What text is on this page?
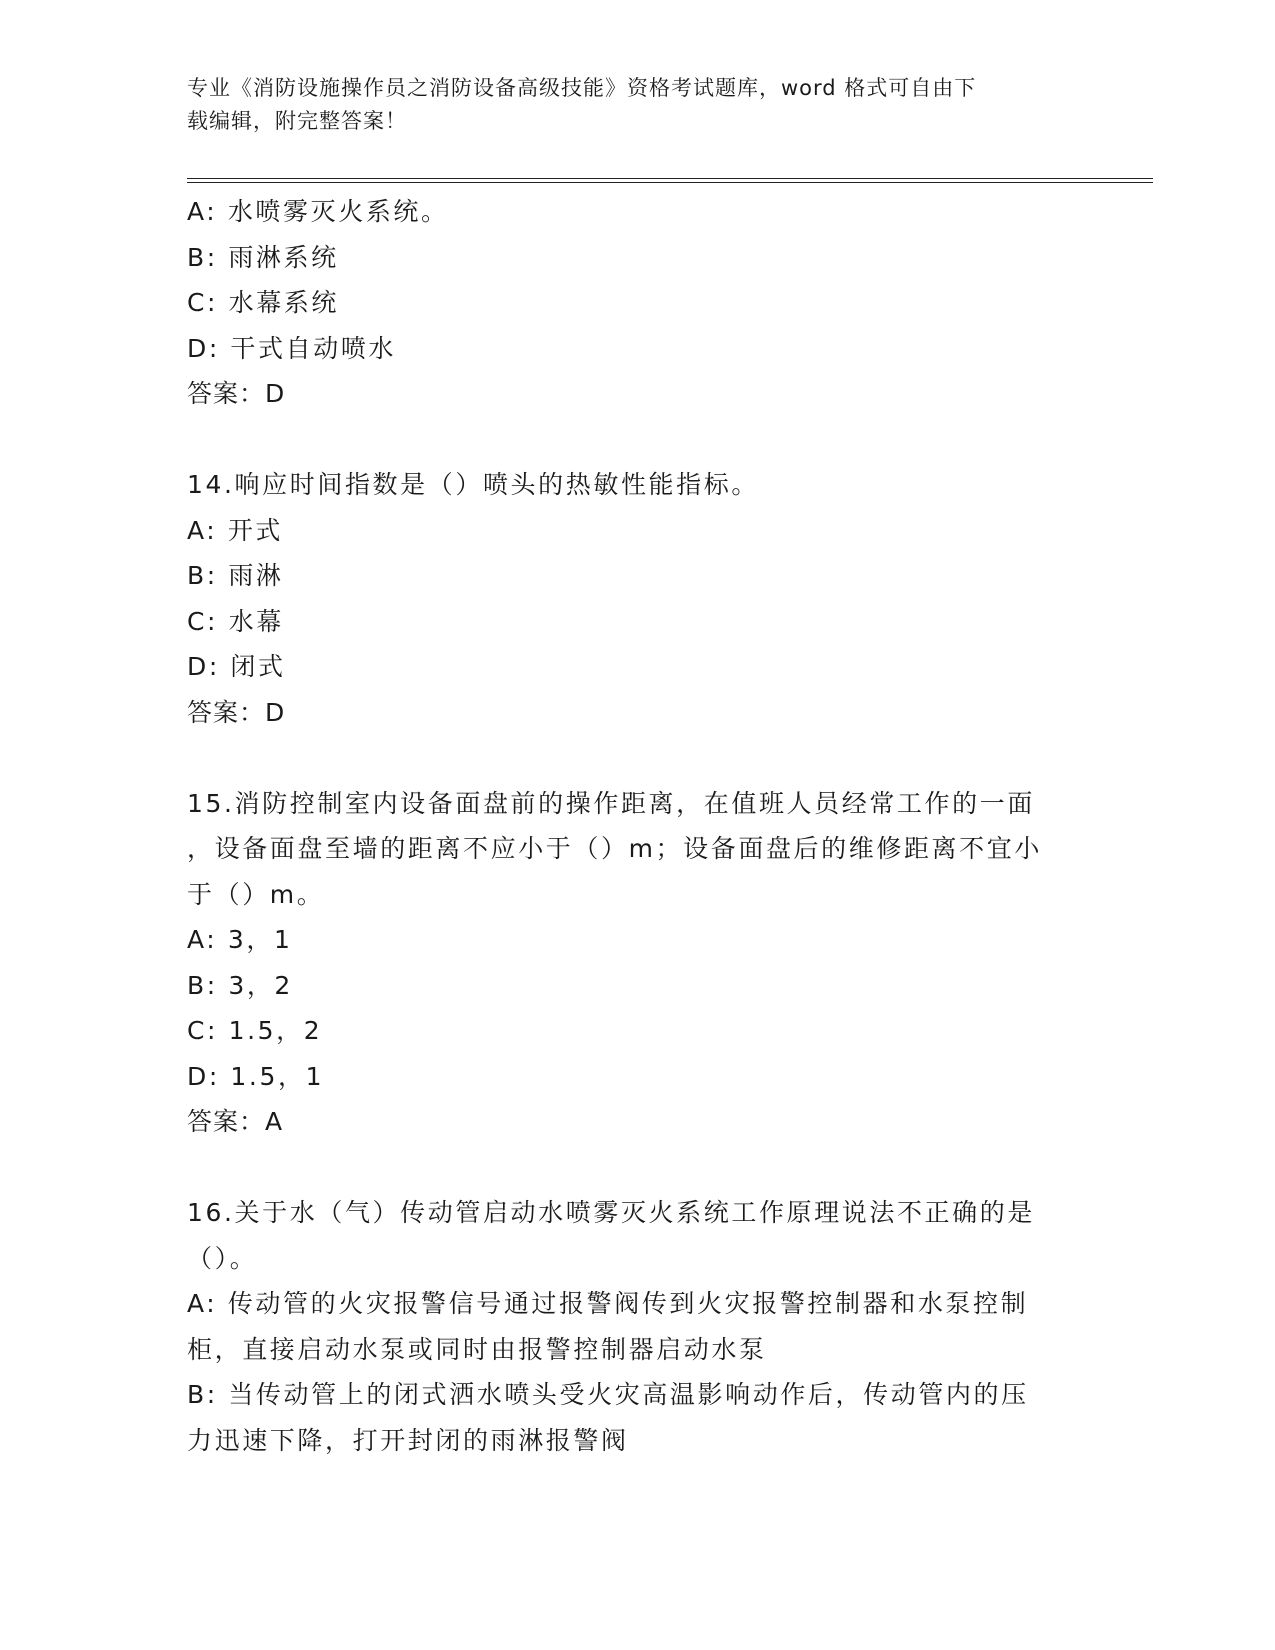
专业《消防设施操作员之消防设备高级技能》资格考试题库，word 格式可自由下
载编辑，附完整答案！
A: 水喷雾灭火系统。
B: 雨淋系统
C: 水幕系统
D: 干式自动喷水
答案：D
14.响应时间指数是（）喷头的热敏性能指标。
A: 开式
B: 雨淋
C: 水幕
D: 闭式
答案：D
15.消防控制室内设备面盘前的操作距离，在值班人员经常工作的一面
，设备面盘至墙的距离不应小于（）m；设备面盘后的维修距离不宜小
于（）m。
A: 3，1
B: 3，2
C: 1.5，2
D: 1.5，1
答案：A
16.关于水（气）传动管启动水喷雾灭火系统工作原理说法不正确的是
（）。
A: 传动管的火灾报警信号通过报警阀传到火灾报警控制器和水泵控制
柜，直接启动水泵或同时由报警控制器启动水泵
B: 当传动管上的闭式洒水喷头受火灾高温影响动作后，传动管内的压
力迅速下降，打开封闭的雨淋报警阀
